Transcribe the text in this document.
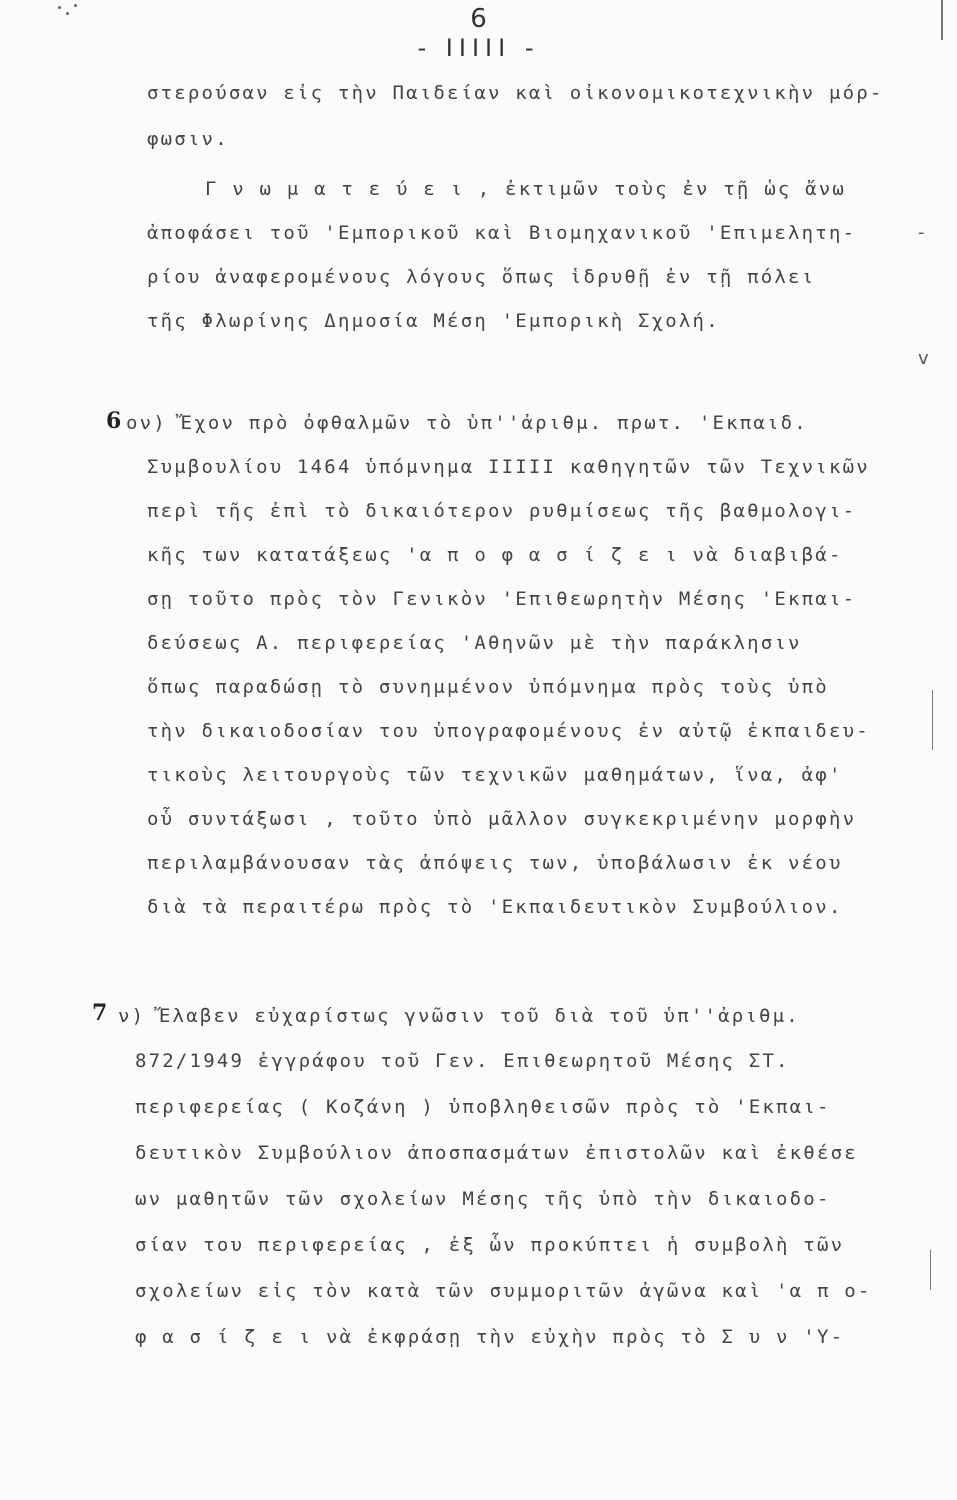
6
- ΙΙΙΙΙ -
στερούσαν εἰς τὴν Παιδείαν καὶ οἰκονομικοτεχνικὴν μόρ-
φωσιν.
Γ ν ω μ α τ ε ύ ε ι , ἐκτιμῶν τοὺς ἐν τῇ ὡς ἄνω
ἀποφάσει τοῦ 'Εμπορικοῦ καὶ Βιομηχανικοῦ 'Επιμελητη-
ρίου ἀναφερομένους λόγους ὅπως ἱδρυθῇ ἐν τῇ πόλει
τῆς Φλωρίνης Δημοσία Μέση 'Εμπορικὴ Σχολή.
6 ον) Ἔχον πρὸ ὀφθαλμῶν τὸ ὑπ''ἀριθμ. πρωτ. 'Εκπαιδ.
Συμβουλίου 1464 ὑπόμνημα ΙΙΙΙΙ καθηγητῶν τῶν Τεχνικῶν
περὶ τῆς ἐπὶ τὸ δικαιότερον ρυθμίσεως τῆς βαθμολογι-
κῆς των κατατάξεως 'α π ο φ α σ ί ζ ε ι νὰ διαβιβά-
σῃ τοῦτο πρὸς τὸν Γενικὸν 'Επιθεωρητὴν Μέσης 'Εκπαι-
δεύσεως Α. περιφερείας 'Αθηνῶν μὲ τὴν παράκλησιν
ὅπως παραδώσῃ τὸ συνημμένον ὑπόμνημα πρὸς τοὺς ὑπὸ
τὴν δικαιοδοσίαν του ὑπογραφομένους ἐν αὐτῷ ἐκπαιδευ-
τικοὺς λειτουργοὺς τῶν τεχνικῶν μαθημάτων, ἵνα, ἀφ'
οὗ συντάξωσι , τοῦτο ὑπὸ μᾶλλον συγκεκριμένην μορφὴν
περιλαμβάνουσαν τὰς ἀπόψεις των, ὑποβάλωσιν ἐκ νέου
διὰ τὰ περαιτέρω πρὸς τὸ 'Εκπαιδευτικὸν Συμβούλιον.
7 ν) Ἔλαβεν εὐχαρίστως γνῶσιν τοῦ διὰ τοῦ ὑπ''ἀριθμ.
872/1949 ἐγγράφου τοῦ Γεν. Επιθεωρητοῦ Μέσης ΣΤ.
περιφερείας ( Κοζάνη ) ὑποβληθεισῶν πρὸς τὸ 'Εκπαι-
δευτικὸν Συμβούλιον ἀποσπασμάτων ἐπιστολῶν καὶ ἐκθέσε
ων μαθητῶν τῶν σχολείων Μέσης τῆς ὑπὸ τὴν δικαιοδο-
σίαν του περιφερείας , ἐξ ὧν προκύπτει ἡ συμβολὴ τῶν
σχολείων εἰς τὸν κατὰ τῶν συμμοριτῶν ἀγῶνα καὶ 'α π ο-
φ α σ ί ζ ε ι νὰ ἐκφράσῃ τὴν εὐχὴν πρὸς τὸ Σ υ ν 'Υ-
v
-
